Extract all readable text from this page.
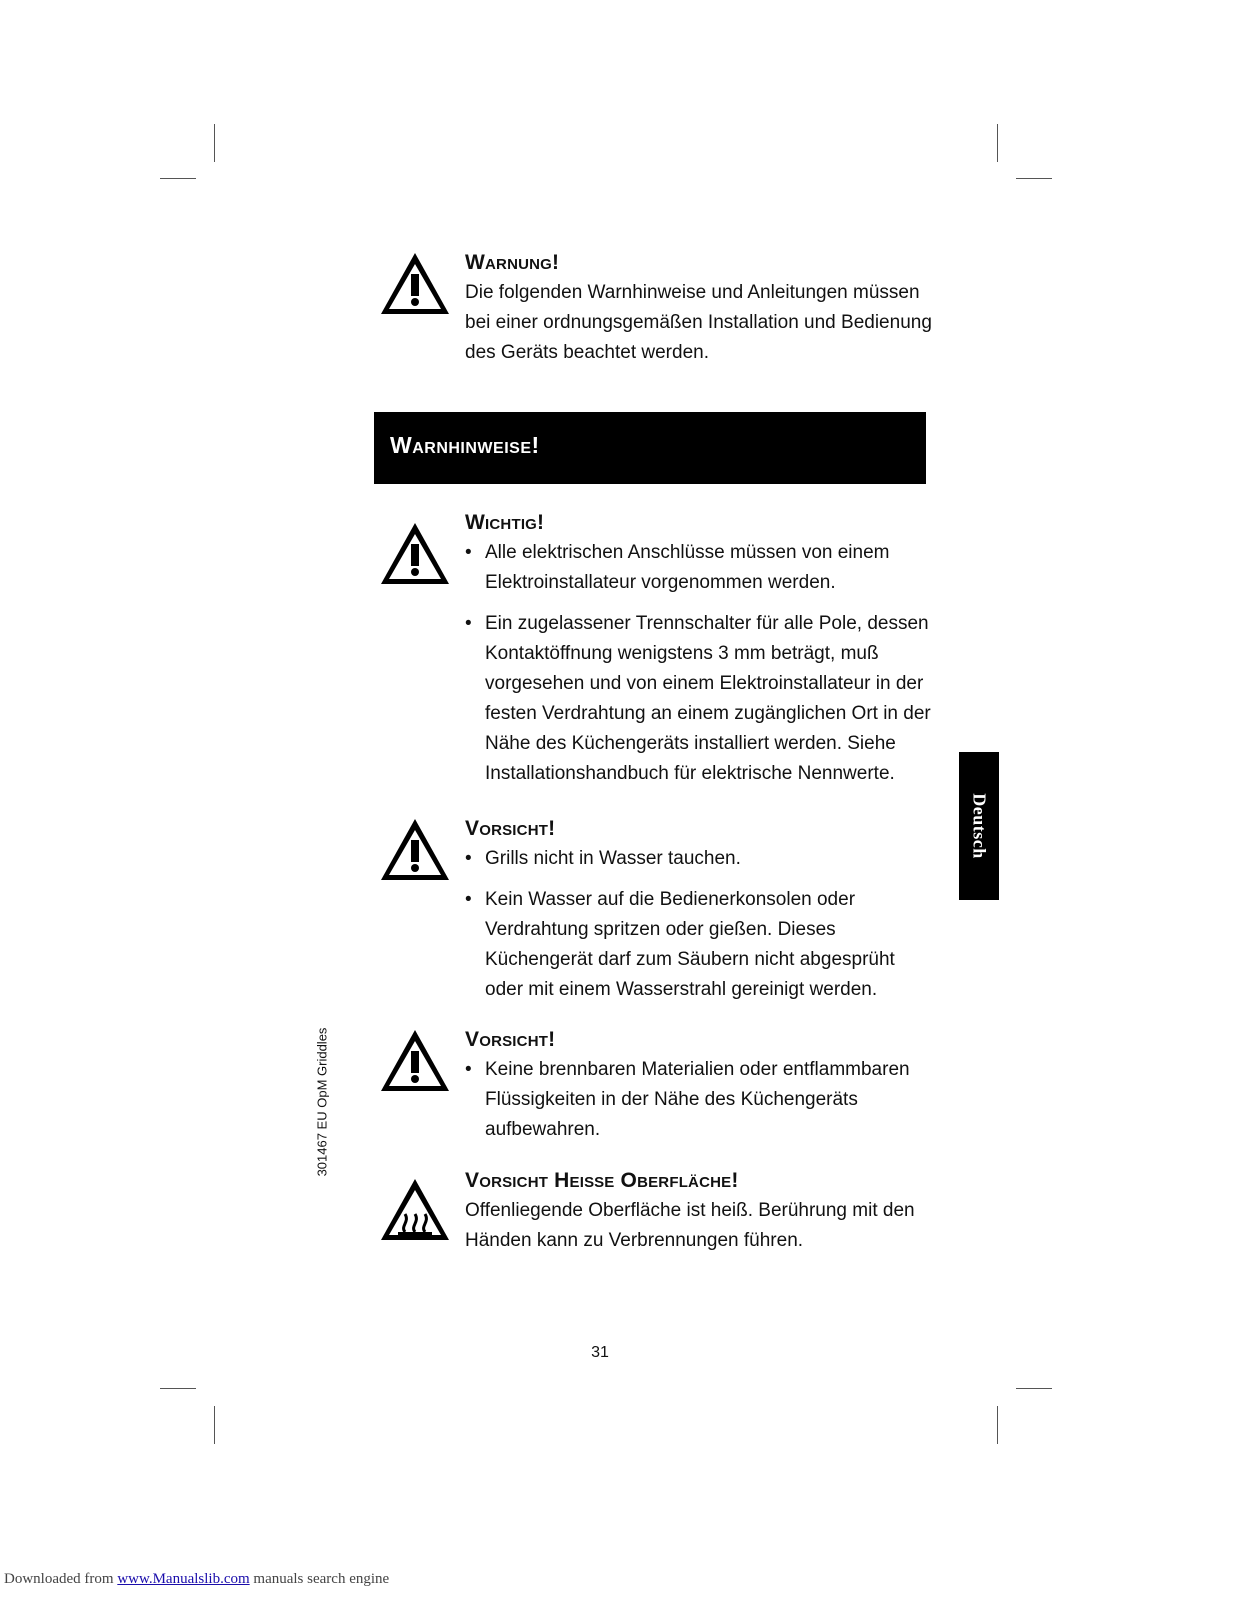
Warnung!

Die folgenden Warnhinweise und Anleitungen müssen bei einer ordnungsgemäßen Installation und Bedienung des Geräts beachtet werden.

Warnhinweise!
Wichtig!
• Alle elektrischen Anschlüsse müssen von einem Elektroinstallateur vorgenommen werden.
• Ein zugelassener Trennschalter für alle Pole, dessen Kontaktöffnung wenigstens 3 mm beträgt, muß vorgesehen und von einem Elektroinstallateur in der festen Verdrahtung an einem zugänglichen Ort in der Nähe des Küchengeräts installiert werden. Siehe Installationshandbuch für elektrische Nennwerte.
Vorsicht!
• Grills nicht in Wasser tauchen.
• Kein Wasser auf die Bedienerkonsolen oder Verdrahtung spritzen oder gießen. Dieses Küchengerät darf zum Säubern nicht abgesprüht oder mit einem Wasserstrahl gereinigt werden.
Vorsicht!
• Keine brennbaren Materialien oder entflammbaren Flüssigkeiten in der Nähe des Küchengeräts aufbewahren.
Vorsicht Heiße Oberfläche!

Offenliegende Oberfläche ist heiß. Berührung mit den Händen kann zu Verbrennungen führen.

Deutsch
301467 EU OpM Griddles
31
Downloaded from www.Manualslib.com manuals search engine
